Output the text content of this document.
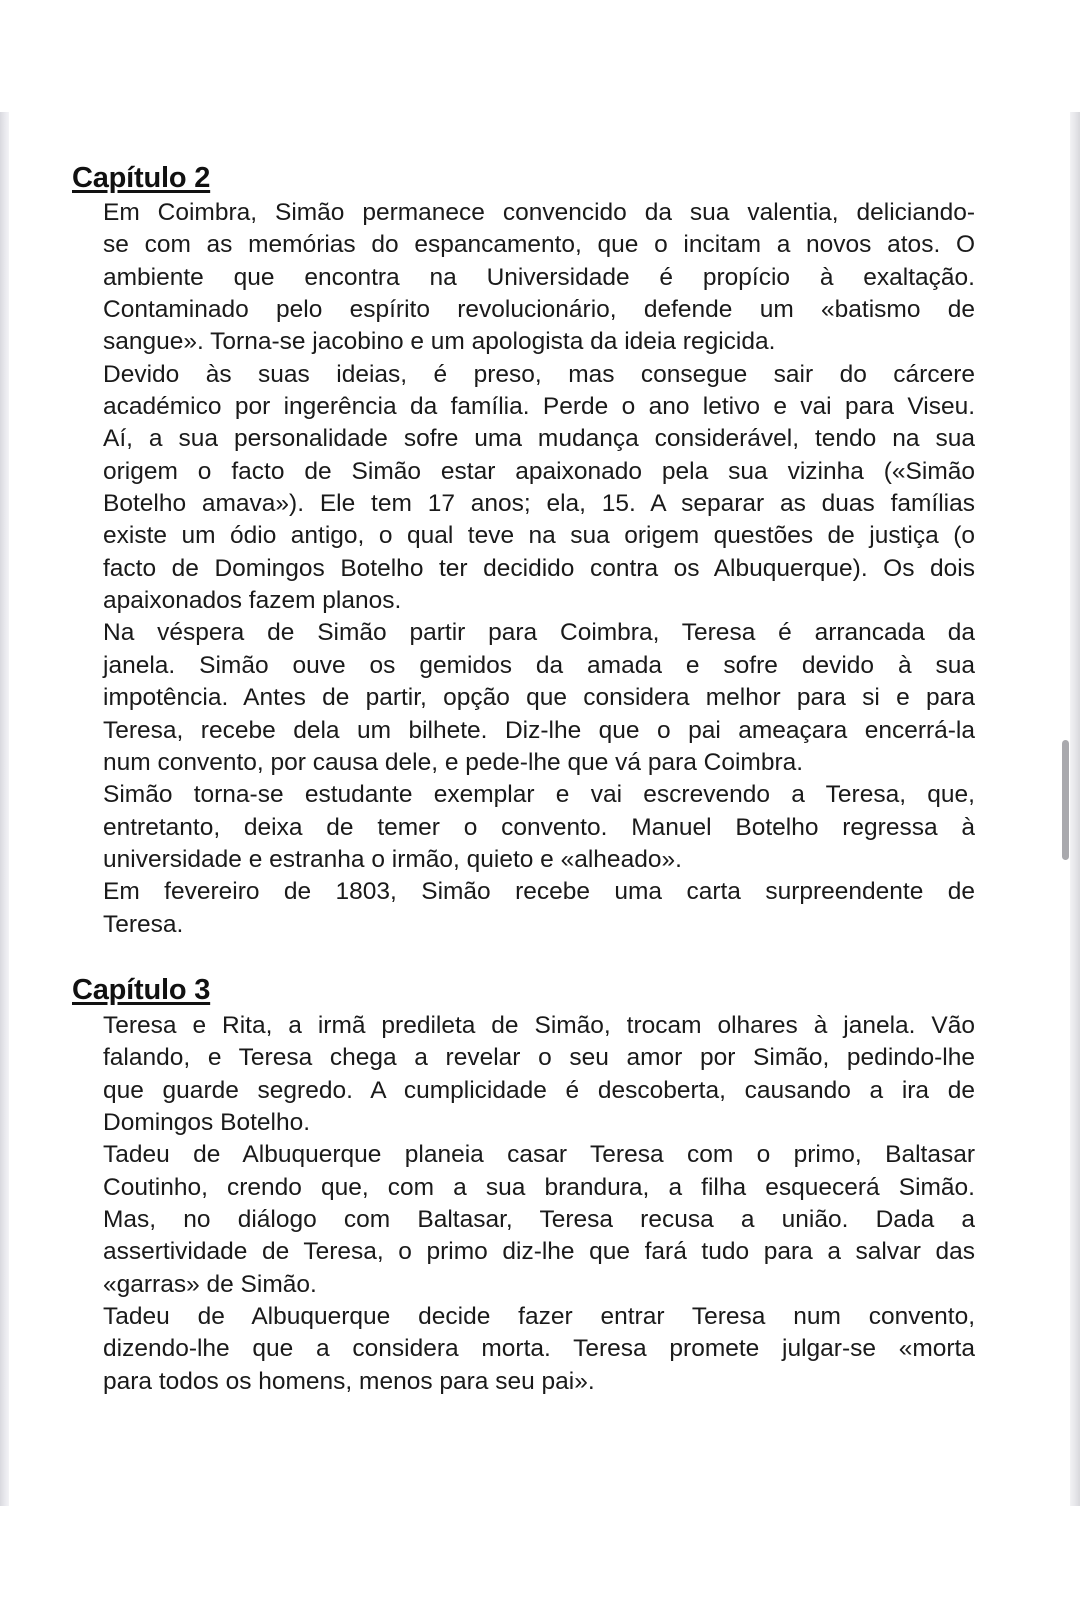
Capítulo 2

Em Coimbra, Simão permanece convencido da sua valentia, deliciando-
se com as memórias do espancamento, que o incitam a novos atos. O
ambiente que encontra na Universidade é propício à exaltação.
Contaminado pelo espírito revolucionário, defende um «batismo de
sangue». Torna-se jacobino e um apologista da ideia regicida.

Devido às suas ideias, é preso, mas consegue sair do cárcere
académico por ingerência da família. Perde o ano letivo e vai para Viseu.
Aí, a sua personalidade sofre uma mudança considerável, tendo na sua
origem o facto de Simão estar apaixonado pela sua vizinha («Simão
Botelho amava»). Ele tem 17 anos; ela, 15. A separar as duas famílias
existe um ódio antigo, o qual teve na sua origem questões de justiça (o
facto de Domingos Botelho ter decidido contra os Albuquerque). Os dois
apaixonados fazem planos.

Na véspera de Simão partir para Coimbra, Teresa é arrancada da
janela. Simão ouve os gemidos da amada e sofre devido à sua
impotência. Antes de partir, opção que considera melhor para si e para
Teresa, recebe dela um bilhete. Diz-lhe que o pai ameaçara encerrá-la
num convento, por causa dele, e pede-lhe que vá para Coimbra.

Simão torna-se estudante exemplar e vai escrevendo a Teresa, que,
entretanto, deixa de temer o convento. Manuel Botelho regressa à
universidade e estranha o irmão, quieto e «alheado».

Em fevereiro de 1803, Simão recebe uma carta surpreendente de
Teresa.

Capítulo 3

Teresa e Rita, a irmã predileta de Simão, trocam olhares à janela. Vão
falando, e Teresa chega a revelar o seu amor por Simão, pedindo-lhe
que guarde segredo. A cumplicidade é descoberta, causando a ira de
Domingos Botelho.

Tadeu de Albuquerque planeia casar Teresa com o primo, Baltasar
Coutinho, crendo que, com a sua brandura, a filha esquecerá Simão.
Mas, no diálogo com Baltasar, Teresa recusa a união. Dada a
assertividade de Teresa, o primo diz-lhe que fará tudo para a salvar das
«garras» de Simão.

Tadeu de Albuquerque decide fazer entrar Teresa num convento,
dizendo-lhe que a considera morta. Teresa promete julgar-se «morta
para todos os homens, menos para seu pai».
